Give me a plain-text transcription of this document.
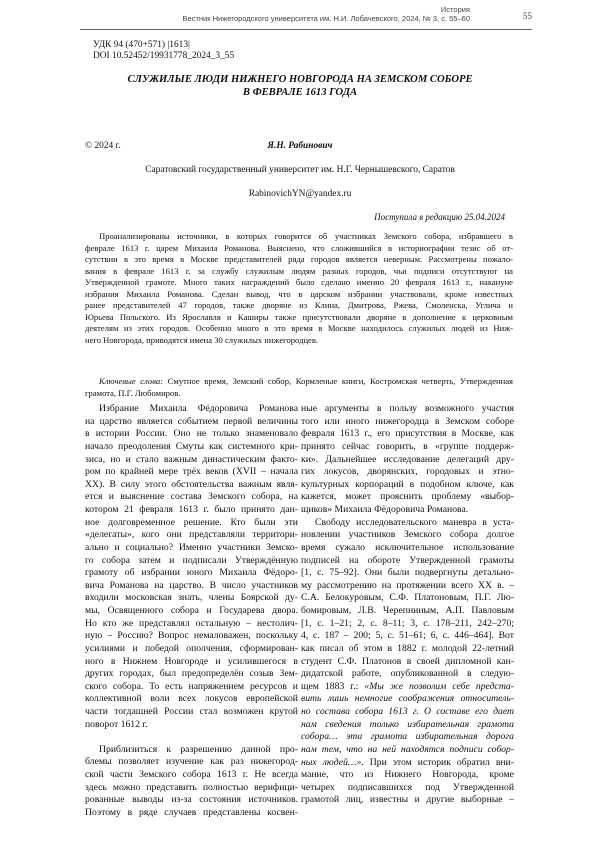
История
Вестник Нижегородского университета им. Н.И. Лобачевского, 2024, № 3, с. 55–60	55
УДК 94 (470+571) |1613|
DOI 10.52452/19931778_2024_3_55
СЛУЖИЛЫЕ ЛЮДИ НИЖНЕГО НОВГОРОДА НА ЗЕМСКОМ СОБОРЕ
В ФЕВРАЛЕ 1613 ГОДА
© 2024 г.	Я.Н. Рабинович
Саратовский государственный университет им. Н.Г. Чернышевского, Саратов
RabinovichYN@yandex.ru
Поступила в редакцию 25.04.2024
Проанализированы источники, в которых говорится об участниках Земского собора, избравшего в
феврале 1613 г. царем Михаила Романова. Выяснено, что сложившийся в историографии тезис об от-
сутствии в это время в Москве представителей ряда городов является неверным. Рассмотрены пожало-
вания в феврале 1613 г. за службу служилым людям разных городов, чьи подписи отсутствуют на
Утвержденной грамоте. Много таких награждений было сделано именно 20 февраля 1613 г., накануне
избрания Михаила Романова. Сделан вывод, что в царском избрании участвовали, кроме известных
ранее представителей 47 городов, также дворяне из Клина, Дмитрова, Ржева, Смоленска, Углича и
Юрьева Польского. Из Ярославля и Каширы также присутствовали дворяне в дополнение к церковным
деятелям из этих городов. Особенно много в это время в Москве находилось служилых людей из Ниж-
него Новгорода, приводятся имена 30 служилых нижегородцев.

Ключевые слова: Смутное время, Земский собор, Кормленые книги, Костромская четверть, Утвержденная грамота, П.Г. Любомиров.

Избрание Михаила Фёдоровича Романова
на царство является событием первой величины
в истории России. Оно не только знаменовало
начало преодоления Смуты как системного кри-
зиса, но и стало важным династическим факто-
ром по крайней мере трёх веков (XVII – начала
XX). В силу этого обстоятельства важным явля-
ется и выяснение состава Земского собора, на
котором 21 февраля 1613 г. было принято дан-
ное долговременное решение. Кто были эти
«делегаты», кого они представляли территори-
ально и социально? Именно участники Земско-
го собора затем и подписали Утверждённую
грамоту об избрании юного Михаила Фёдоро-
вича Романова на царство. В число участников
входили московская знать, члены Боярской ду-
мы, Освященного собора и Государева двора.
Но кто же представлял остальную – нестолич-
ную – Россию? Вопрос немаловажен, поскольку
усилиями и победой ополчения, сформирован-
ного в Нижнем Новгороде и усилившегося в
других городах, был предопределён созыв Зем-
ского собора. То есть напряжением ресурсов и
коллективной воли всех локусов европейской
части тогдашней России стал возможен крутой
поворот 1612 г.
Приблизиться к разрешению данной про-
блемы позволяет изучение как раз нижегород-
ской части Земского собора 1613 г. Не всегда
здесь можно представить полностью верифици-
рованные выводы из-за состояния источников.
Поэтому в ряде случаев представлены косвен-
ные аргументы в пользу возможного участия
того или иного нижегородца в Земском соборе
февраля 1613 г., его присутствия в Москве, как
принято сейчас говорить, в «группе поддерж-
ки». Дальнейшее исследование делегаций дру-
гих локусов, дворянских, городовых и этно-
культурных корпораций в подобном ключе, как
кажется, может прояснить проблему «выбор-
щиков» Михаила Фёдоровича Романова.
Свободу исследовательского маневра в уста-
новлении участников Земского собора долгое
время сужало исключительное использование
подписей на обороте Утвержденной грамоты
[1, с. 75–92]. Они были подвергнуты детально-
му рассмотрению на протяжении всего XX в. –
С.А. Белокуровым, С.Ф. Платоновым, П.Г. Лю-
бомировым, Л.В. Черепниным, А.П. Павловым
[1, с. 1–21; 2, с. 8–11; 3, с. 178–211, 242–270;
4, с. 187 – 200; 5, с. 51–61; 6, с. 446–464]. Вот
как писал об этом в 1882 г. молодой 22-летний
студент С.Ф. Платонов в своей дипломной кан-
дидатской работе, опубликованной в следую-
щем 1883 г.: «Мы же позволим себе предста-
вить лишь немногие соображения относитель-
но состава собора 1613 г. О составе его дает
нам сведения только избирательная грамота
собора… эта грамота избирательная дорога
нам тем, что на ней находятся подписи собор-
ных людей…». При этом историк обратил вни-
мание, что из Нижнего Новгорода, кроме
четырех подписавшихся под Утвержденной
грамотой лиц, известны и другие выборные –
